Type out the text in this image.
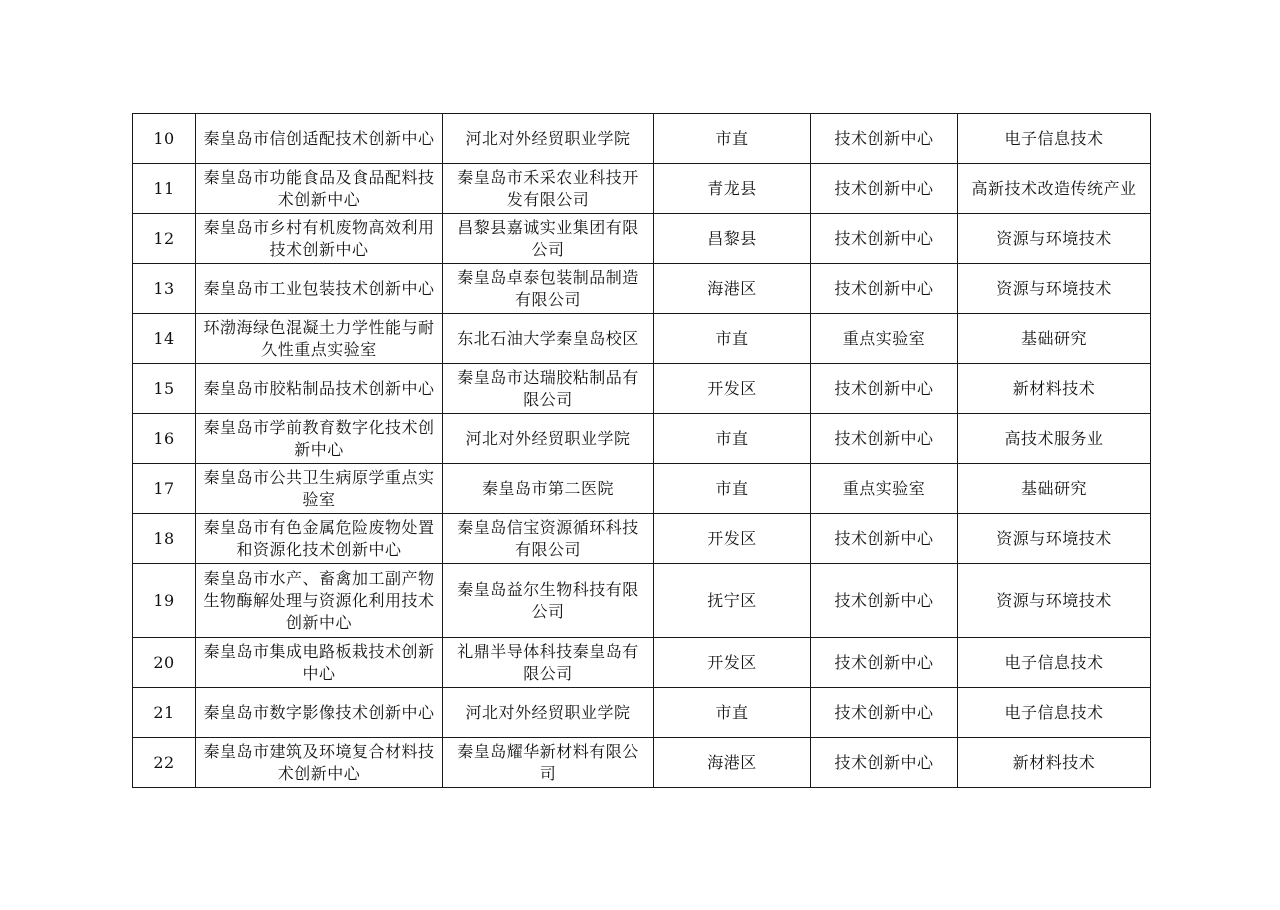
10	秦皇岛市信创适配技术创新中心	河北对外经贸职业学院	市直	技术创新中心	电子信息技术

11	秦皇岛市功能食品及食品配料技术创新中心	秦皇岛市禾采农业科技开发有限公司	青龙县	技术创新中心	高新技术改造传统产业

12	秦皇岛市乡村有机废物高效利用技术创新中心	昌黎县嘉诚实业集团有限公司	昌黎县	技术创新中心	资源与环境技术

13	秦皇岛市工业包装技术创新中心	秦皇岛卓泰包装制品制造有限公司	海港区	技术创新中心	资源与环境技术

14	环渤海绿色混凝土力学性能与耐久性重点实验室	东北石油大学秦皇岛校区	市直	重点实验室	基础研究

15	秦皇岛市胶粘制品技术创新中心	秦皇岛市达瑞胶粘制品有限公司	开发区	技术创新中心	新材料技术

16	秦皇岛市学前教育数字化技术创新中心	河北对外经贸职业学院	市直	技术创新中心	高技术服务业

17	秦皇岛市公共卫生病原学重点实验室	秦皇岛市第二医院	市直	重点实验室	基础研究

18	秦皇岛市有色金属危险废物处置和资源化技术创新中心	秦皇岛信宝资源循环科技有限公司	开发区	技术创新中心	资源与环境技术

19	秦皇岛市水产、畜禽加工副产物生物酶解处理与资源化利用技术创新中心	秦皇岛益尔生物科技有限公司	抚宁区	技术创新中心	资源与环境技术

20	秦皇岛市集成电路板栽技术创新中心	礼鼎半导体科技秦皇岛有限公司	开发区	技术创新中心	电子信息技术

21	秦皇岛市数字影像技术创新中心	河北对外经贸职业学院	市直	技术创新中心	电子信息技术

22	秦皇岛市建筑及环境复合材料技术创新中心	秦皇岛耀华新材料有限公司	海港区	技术创新中心	新材料技术
